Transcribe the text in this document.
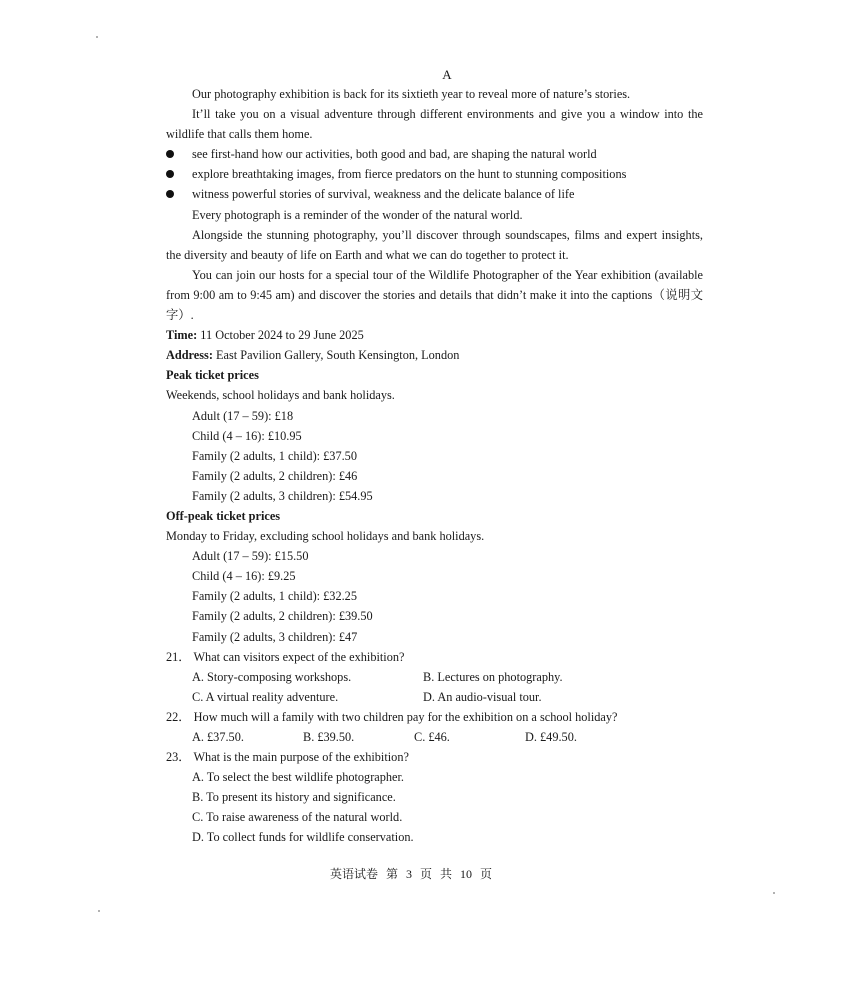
A

Our photography exhibition is back for its sixtieth year to reveal more of nature’s stories.

It’ll take you on a visual adventure through different environments and give you a window into the wildlife that calls them home.

see first-hand how our activities, both good and bad, are shaping the natural world
explore breathtaking images, from fierce predators on the hunt to stunning compositions
witness powerful stories of survival, weakness and the delicate balance of life

Every photograph is a reminder of the wonder of the natural world.

Alongside the stunning photography, you’ll discover through soundscapes, films and expert insights, the diversity and beauty of life on Earth and what we can do together to protect it.

You can join our hosts for a special tour of the Wildlife Photographer of the Year exhibition (available from 9:00 am to 9:45 am) and discover the stories and details that didn’t make it into the captions（说明文字）.

Time: 11 October 2024 to 29 June 2025

Address: East Pavilion Gallery, South Kensington, London

Peak ticket prices

Weekends, school holidays and bank holidays.

Adult (17 – 59): £18

Child (4 – 16): £10.95

Family (2 adults, 1 child): £37.50

Family (2 adults, 2 children): £46

Family (2 adults, 3 children): £54.95

Off-peak ticket prices

Monday to Friday, excluding school holidays and bank holidays.

Adult (17 – 59): £15.50

Child (4 – 16): £9.25

Family (2 adults, 1 child): £32.25

Family (2 adults, 2 children): £39.50

Family (2 adults, 3 children): £47

21． What can visitors expect of the exhibition?

A. Story-composing workshops.	B. Lectures on photography.
C. A virtual reality adventure.	D. An audio-visual tour.

22． How much will a family with two children pay for the exhibition on a school holiday?

A. £37.50.	B. £39.50.	C. £46.	D. £49.50.

23． What is the main purpose of the exhibition?

A. To select the best wildlife photographer.

B. To present its history and significance.

C. To raise awareness of the natural world.

D. To collect funds for wildlife conservation.

英语试卷 第 3 页 共 10 页
